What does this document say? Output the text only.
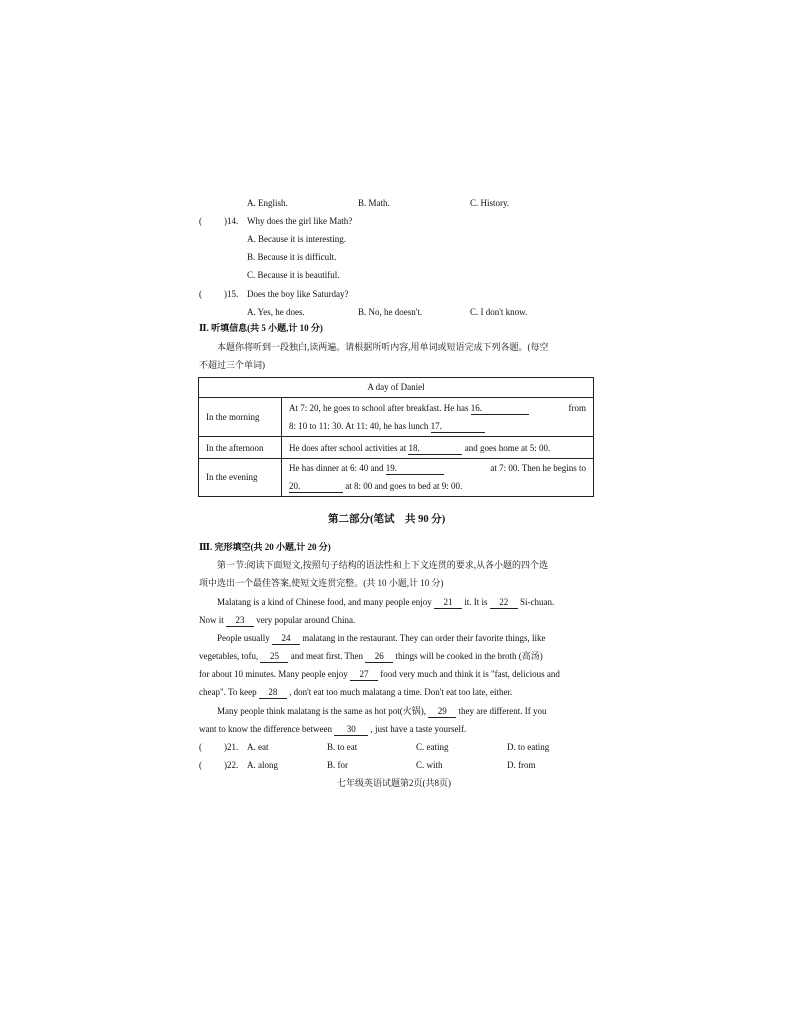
A. English.	B. Math.	C. History.
( )14. Why does the girl like Math?
A. Because it is interesting.
B. Because it is difficult.
C. Because it is beautiful.
( )15. Does the boy like Saturday?
A. Yes, he does.	B. No, he doesn't.	C. I don't know.
Ⅱ. 听填信息(共 5 小题,计 10 分)
本题你将听到一段独白,读两遍。请根据所听内容,用单词或短语完成下列各题。(每空
不超过三个单词)
A day of Daniel	
In the morning	At 7: 20, he goes to school after breakfast. He has 16. from
8: 10 to 11: 30. At 11: 40, he has lunch 17.

In the afternoon	He does after school activities at 18. and goes home at 5: 00.

In the evening	He has dinner at 6: 40 and 19. at 7: 00. Then he begins to
20. at 8: 00 and goes to bed at 9: 00.
第二部分(笔试　共 90 分)
Ⅲ. 完形填空(共 20 小题,计 20 分)
第一节:阅读下面短文,按照句子结构的语法性和上下文连贯的要求,从各小题的四个选
项中选出一个最佳答案,使短文连贯完整。(共 10 小题,计 10 分)
Malatang is a kind of Chinese food, and many people enjoy 21 it. It is 22 Si-chuan.
Now it 23 very popular around China.
People usually 24 malatang in the restaurant. They can order their favorite things, like
vegetables, tofu, 25 and meat first. Then 26 things will be cooked in the broth (高汤)
for about 10 minutes. Many people enjoy 27 food very much and think it is "fast, delicious and
cheap". To keep 28 , don't eat too much malatang a time. Don't eat too late, either.
Many people think malatang is the same as hot pot(火锅), 29 they are different. If you
want to know the difference between 30 , just have a taste yourself.
( )21. A. eat	B. to eat	C. eating	D. to eating
( )22. A. along	B. for	C. with	D. from
七年级英语试题第2页(共8页)
